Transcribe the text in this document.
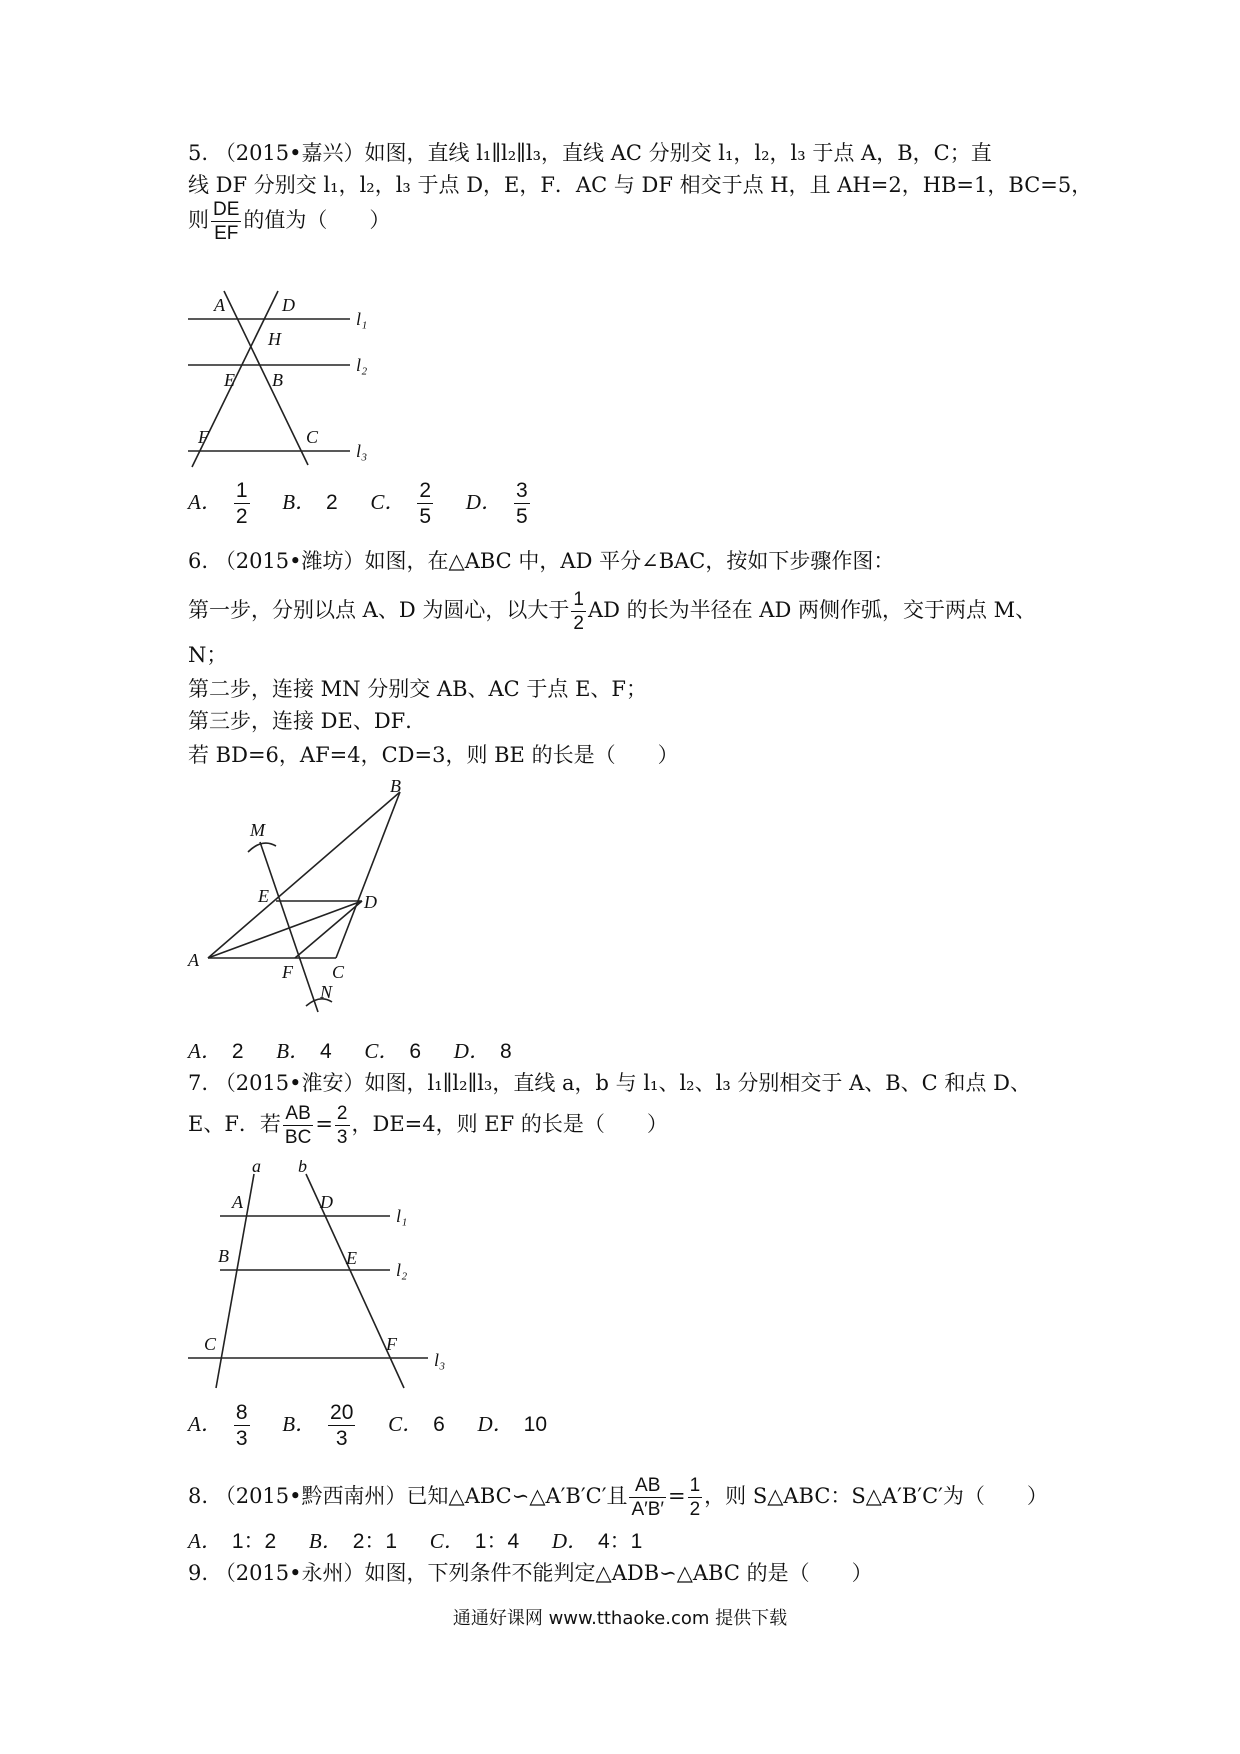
5. （2015•嘉兴）如图，直线 l₁∥l₂∥l₃，直线 AC 分别交 l₁，l₂，l₃ 于点 A，B，C；直
线 DF 分别交 l₁，l₂，l₃ 于点 D，E，F．AC 与 DF 相交于点 H，且 AH=2，HB=1，BC=5，
则 $\frac{DE}{EF}$ 的值为（　　）
A	D
H
E B
F	C
l₁
l₂
l₃
A． $\frac{1}{2}$ B． 2 C． $\frac{2}{5}$ D． $\frac{3}{5}$
6. （2015•潍坊）如图，在△ABC 中，AD 平分∠BAC，按如下步骤作图：
第一步，分别以点 A、D 为圆心，以大于 $\frac{1}{2}$ AD 的长为半径在 AD 两侧作弧，交于两点 M、
N；
第二步，连接 MN 分别交 AB、AC 于点 E、F；
第三步，连接 DE、DF．
若 BD=6，AF=4，CD=3，则 BE 的长是（　　）
B
M
E	D
A
F C
N
A． 2 B． 4 C． 6 D． 8
7. （2015•淮安）如图，l₁∥l₂∥l₃，直线 a，b 与 l₁、l₂、l₃ 分别相交于 A、B、C 和点 D、
E、F．若 $\frac{AB}{BC} = \frac{2}{3}$ ，DE=4，则 EF 的长是（　　）
a b
A	D
B	E
C	F
l₁
l₂
l₃
A． $\frac{8}{3}$ B． $\frac{20}{3}$ C． 6 D． 10
8. （2015•黔西南州）已知△ABC∽△A′B′C′且 $\frac{AB}{A'B'} = \frac{1}{2}$ ，则 S△ABC：S△A′B′C′为（　　）
A． 1：2 B． 2：1 C． 1：4 D． 4：1
9. （2015•永州）如图，下列条件不能判定△ADB∽△ABC 的是（　　）
通通好课网 www.tthaoke.com 提供下载
